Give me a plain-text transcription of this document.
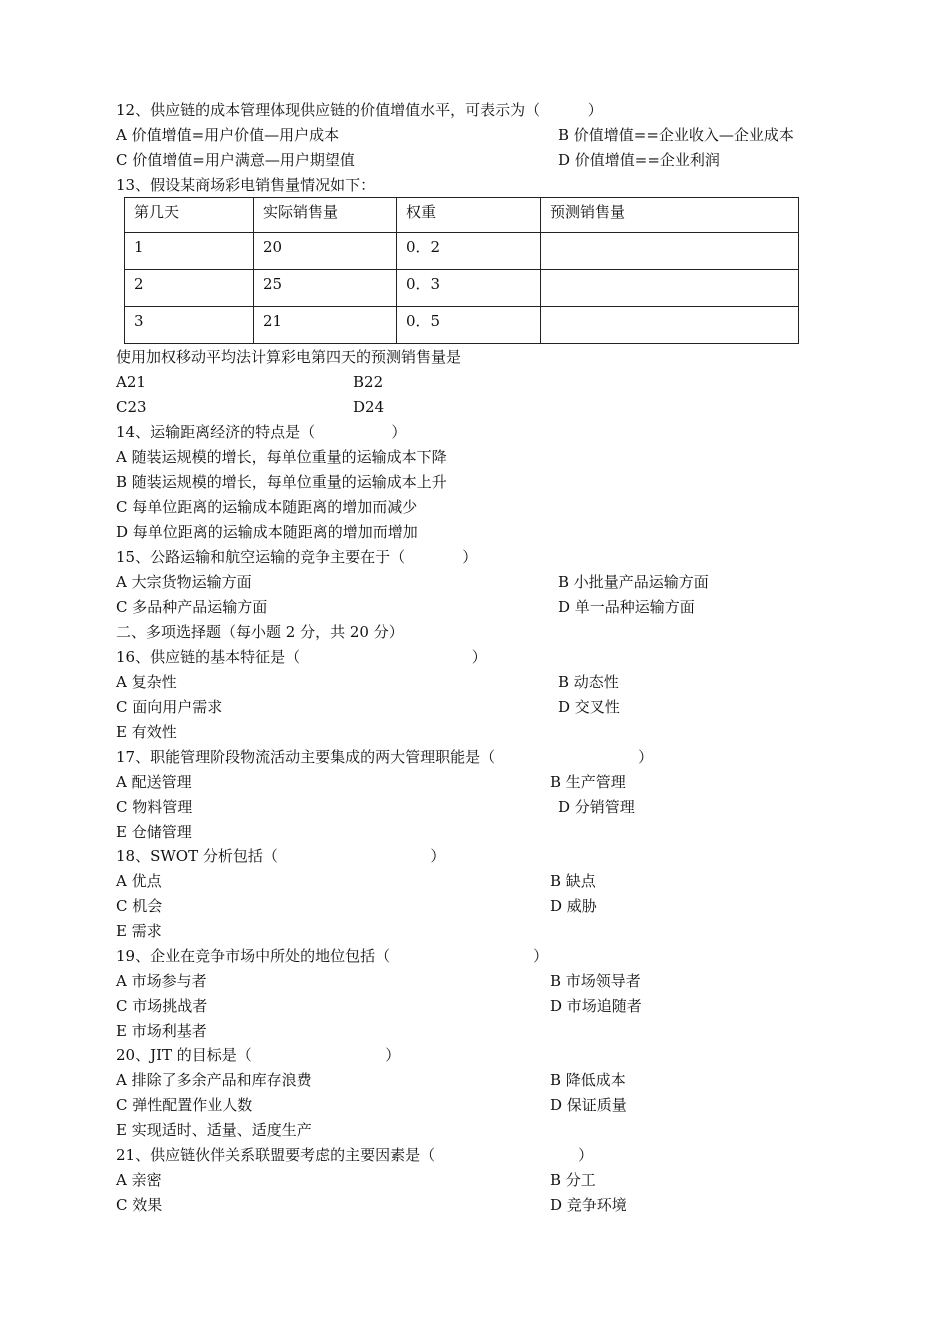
12、供应链的成本管理体现供应链的价值增值水平，可表示为（          ）
A 价值增值=用户价值—用户成本	B 价值增值==企业收入—企业成本
C 价值增值=用户满意—用户期望值	D 价值增值==企业利润
13、假设某商场彩电销售量情况如下：
第几天	实际销售量	权重	预测销售量
1	20	0．2	
2	25	0．3	
3	21	0．5	
使用加权移动平均法计算彩电第四天的预测销售量是
A21	B22
C23	D24
14、运输距离经济的特点是（                ）
A 随装运规模的增长，每单位重量的运输成本下降
B 随装运规模的增长，每单位重量的运输成本上升
C 每单位距离的运输成本随距离的增加而减少
D 每单位距离的运输成本随距离的增加而增加
15、公路运输和航空运输的竞争主要在于（            ）
A 大宗货物运输方面	B 小批量产品运输方面
C 多品种产品运输方面	D 单一品种运输方面
二、多项选择题（每小题 2 分，共 20 分）
16、供应链的基本特征是（                                    ）
A 复杂性	B 动态性
C 面向用户需求	D 交叉性
E 有效性
17、职能管理阶段物流活动主要集成的两大管理职能是（                              ）
B 生产管理
A 配送管理
C 物料管理	D 分销管理
E 仓储管理
18、SWOT 分析包括（                                ）
A 优点	B 缺点
C 机会	D 威胁
E 需求
19、企业在竞争市场中所处的地位包括（                              ）
A 市场参与者	B 市场领导者
C 市场挑战者	D 市场追随者
E 市场利基者
20、JIT 的目标是（                            ）
A 排除了多余产品和库存浪费	B 降低成本
C 弹性配置作业人数	D 保证质量
E 实现适时、适量、适度生产
21、供应链伙伴关系联盟要考虑的主要因素是（                              ）
A 亲密	B 分工
C 效果	D 竞争环境
